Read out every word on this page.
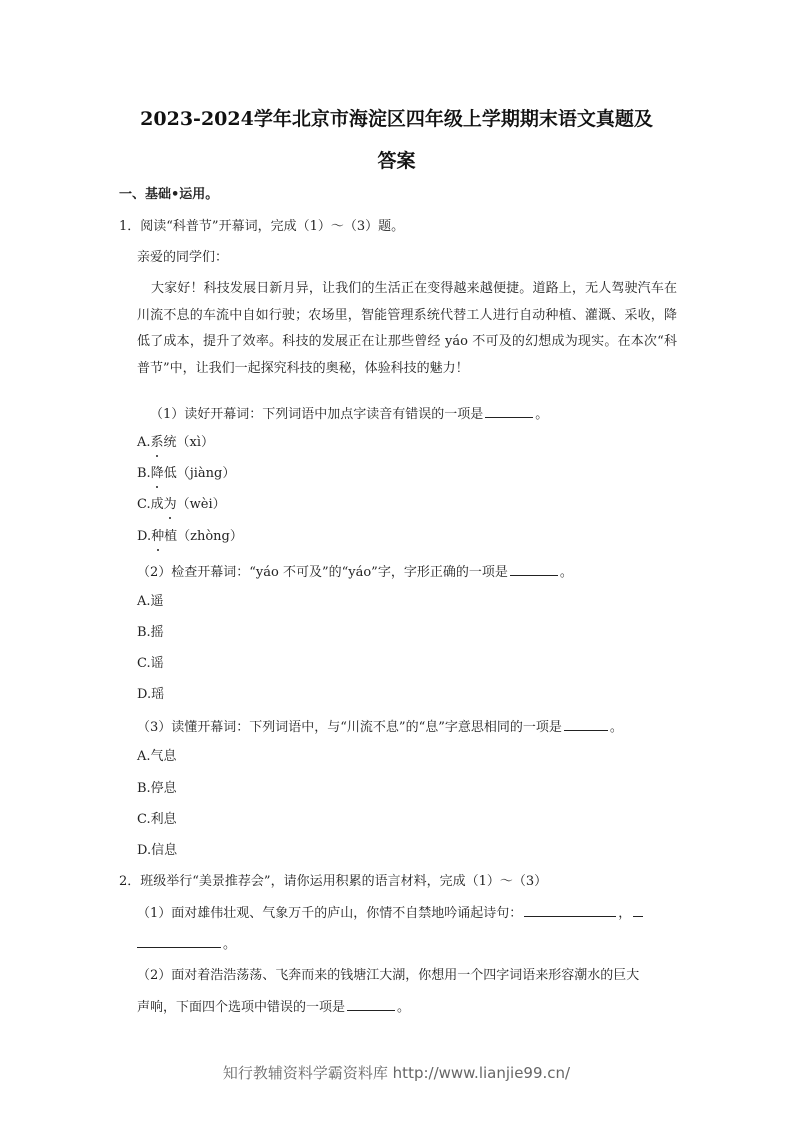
2023-2024学年北京市海淀区四年级上学期期末语文真题及
答案
一、基础•运用。
1．阅读“科普节”开幕词，完成（1）～（3）题。
亲爱的同学们：
大家好！科技发展日新月异，让我们的生活正在变得越来越便捷。道路上，无人驾驶汽车在川流不息的车流中自如行驶；农场里，智能管理系统代替工人进行自动种植、灌溉、采收，降低了成本，提升了效率。科技的发展正在让那些曾经 yáo 不可及的幻想成为现实。在本次“科普节”中，让我们一起探究科技的奥秘，体验科技的魅力！
（1）读好开幕词：下列词语中加点字读音有错误的一项是	。
A.系统（xì）
B.降低（jiàng）
C.成为（wèi）
D.种植（zhòng）
（2）检查开幕词：“yáo 不可及”的“yáo”字，字形正确的一项是	。
A.遥
B.摇
C.谣
D.瑶
（3）读懂开幕词：下列词语中，与“川流不息”的“息”字意思相同的一项是	。
A.气息
B.停息
C.利息
D.信息
2．班级举行“美景推荐会”，请你运用积累的语言材料，完成（1）～（3）
（1）面对雄伟壮观、气象万千的庐山，你情不自禁地吟诵起诗句：	，
。
（2）面对着浩浩荡荡、飞奔而来的钱塘江大湖，你想用一个四字词语来形容潮水的巨大
声响，下面四个选项中错误的一项是	。
知行教辅资料学霸资料库 http://www.lianjie99.cn/
